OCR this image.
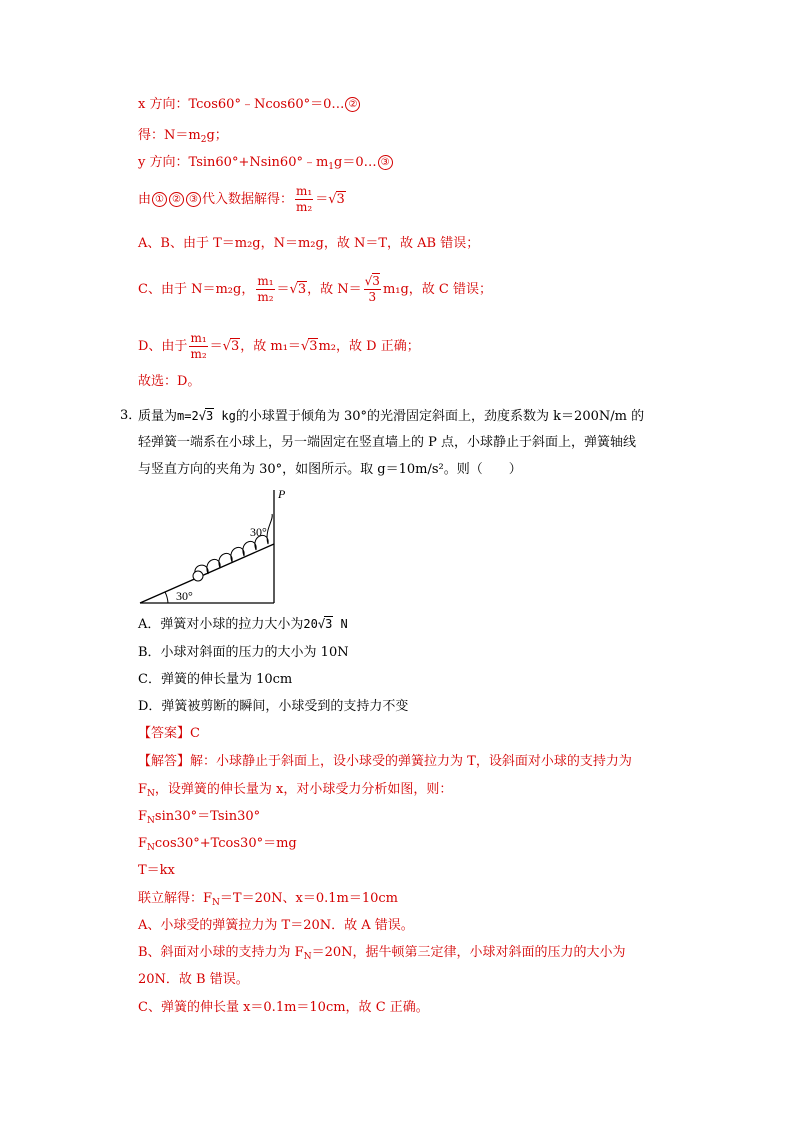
x 方向：Tcos60°﹣Ncos60°＝0… ②
得：$N=m_2g$；
y 方向：$Tsin60^\circ+Nsin60^\circ﹣m_1g=0\dots$ ③
由 ① ② ③ 代入数据解得： $\frac{\text{m₁}}{\text{m₂}} =√3$
A、B、由于 T＝m₂g，N＝m₂g，故 N＝T，故 AB 错误；
C、由于 N＝m₂g， $\frac{\text{m₁}}{\text{m₂}} =√3$，故 $N= \frac{√3}{3} m_1g$，故 C 错误；
D、由于 $\frac{\text{m₁}}{\text{m₂}} =√3$，故 m₁＝√3m₂，故 D 正确；
故选：D。
3．
质量为m=2√3 kg的小球置于倾角为 30°的光滑固定斜面上，劲度系数为 k＝200N/m 的
轻弹簧一端系在小球上，另一端固定在竖直墙上的 P 点，小球静止于斜面上，弹簧轴线
与竖直方向的夹角为 30°，如图所示。取 g＝10m/s²。则（　　）
P
30°
30°
A．弹簧对小球的拉力大小为20√3 N
B．小球对斜面的压力的大小为 10N
C．弹簧的伸长量为 10cm
D．弹簧被剪断的瞬间，小球受到的支持力不变
【答案】C
【解答】解：小球静止于斜面上，设小球受的弹簧拉力为 T，设斜面对小球的支持力为
$F_N$，设弹簧的伸长量为 x，对小球受力分析如图，则：
$F_N\sin 30^\circ=Tsin30^\circ$
$F_N\cos 30^\circ+Tcos30^\circ=mg$
T＝kx
联立解得：$F_N=T=20N$、x＝0.1m＝10cm
A、小球受的弹簧拉力为 T＝20N．故 A 错误。
B、斜面对小球的支持力为 $F_N=20N$，据牛顿第三定律，小球对斜面的压力的大小为
20N．故 B 错误。
C、弹簧的伸长量 x＝0.1m＝10cm，故 C 正确。
